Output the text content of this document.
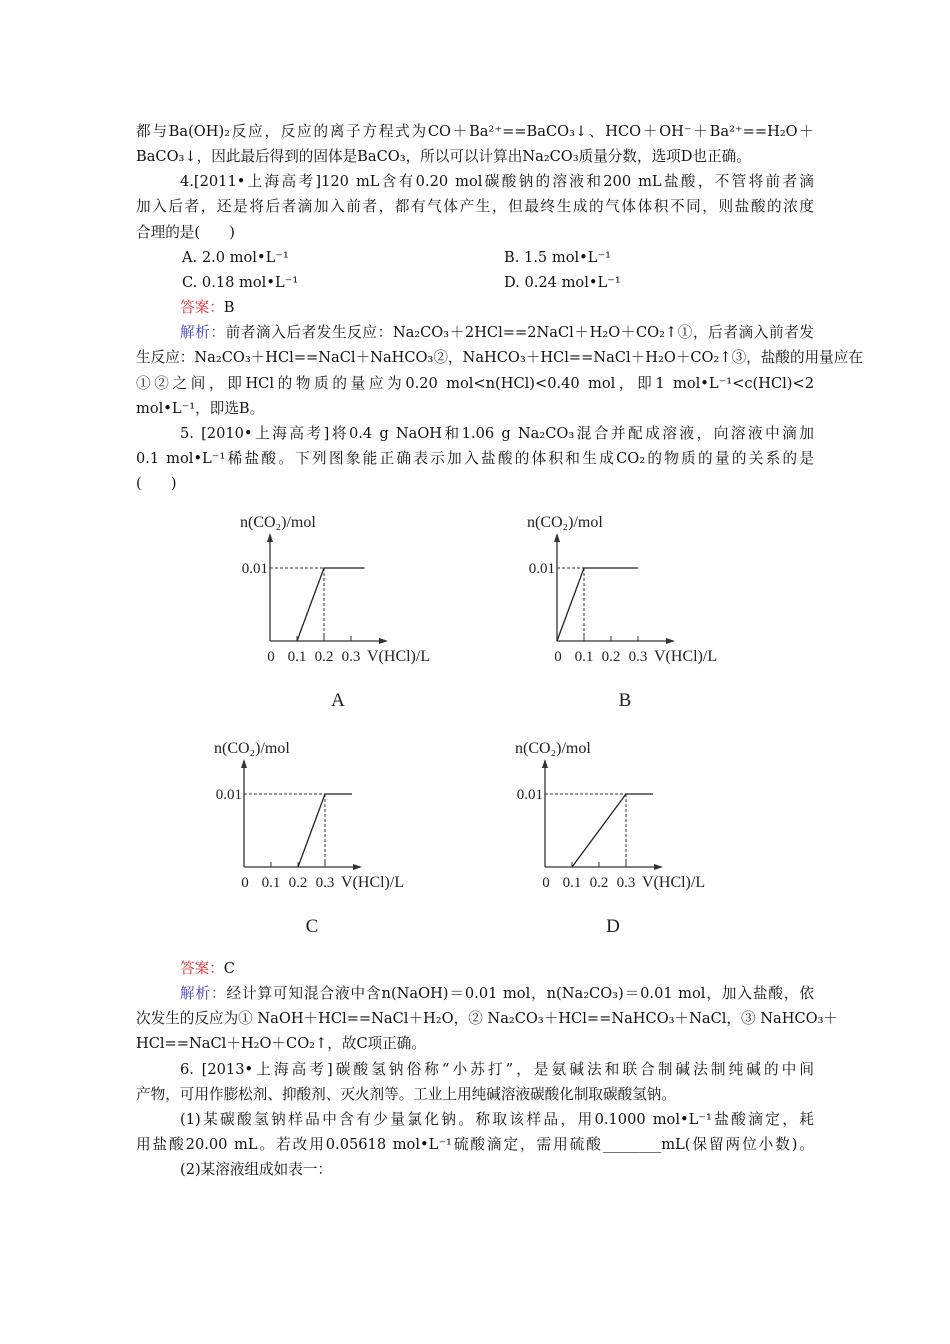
都与Ba(OH)₂反应，反应的离子方程式为CO＋Ba²⁺==BaCO₃↓、HCO＋OH⁻＋Ba²⁺==H₂O＋
BaCO₃↓，因此最后得到的固体是BaCO₃，所以可以计算出Na₂CO₃质量分数，选项D也正确。
4.[2011•上海高考]120 mL含有0.20 mol碳酸钠的溶液和200 mL盐酸，不管将前者滴
加入后者，还是将后者滴加入前者，都有气体产生，但最终生成的气体体积不同，则盐酸的浓度
合理的是(　　)
A. 2.0 mol•L⁻¹	B. 1.5 mol•L⁻¹
C. 0.18 mol•L⁻¹	D. 0.24 mol•L⁻¹
答案：B
解析：前者滴入后者发生反应：Na₂CO₃＋2HCl==2NaCl＋H₂O＋CO₂↑①，后者滴入前者发
生反应：Na₂CO₃＋HCl==NaCl＋NaHCO₃②，NaHCO₃＋HCl==NaCl＋H₂O＋CO₂↑③，盐酸的用量应在
①②之间，即HCl的物质的量应为0.20 mol<n(HCl)<0.40 mol，即1 mol•L⁻¹<c(HCl)<2
mol•L⁻¹，即选B。
5. [2010•上海高考]将0.4 g NaOH和1.06 g Na₂CO₃混合并配成溶液，向溶液中滴加
0.1 mol•L⁻¹稀盐酸。下列图象能正确表示加入盐酸的体积和生成CO₂的物质的量的关系的是
(　　)
答案：C
解析：经计算可知混合液中含n(NaOH)＝0.01 mol，n(Na₂CO₃)＝0.01 mol，加入盐酸，依
次发生的反应为① NaOH＋HCl==NaCl＋H₂O，② Na₂CO₃＋HCl==NaHCO₃＋NaCl，③ NaHCO₃＋
HCl==NaCl＋H₂O＋CO₂↑，故C项正确。
6. [2013•上海高考]碳酸氢钠俗称“小苏打”，是氨碱法和联合制碱法制纯碱的中间
产物，可用作膨松剂、抑酸剂、灭火剂等。工业上用纯碱溶液碳酸化制取碳酸氢钠。
(1)某碳酸氢钠样品中含有少量氯化钠。称取该样品，用0.1000 mol•L⁻¹盐酸滴定，耗
用盐酸20.00 mL。若改用0.05618 mol•L⁻¹硫酸滴定，需用硫酸________mL(保留两位小数)。
(2)某溶液组成如表一：
n(CO₂)/mol
0.01
0 0.1 0.2 0.3 V(HCl)/L
A
n(CO₂)/mol
0.01
0 0.1 0.2 0.3 V(HCl)/L
B
n(CO₂)/mol
0.01
0 0.1 0.2 0.3 V(HCl)/L
C
n(CO₂)/mol
0.01
0 0.1 0.2 0.3 V(HCl)/L
D
